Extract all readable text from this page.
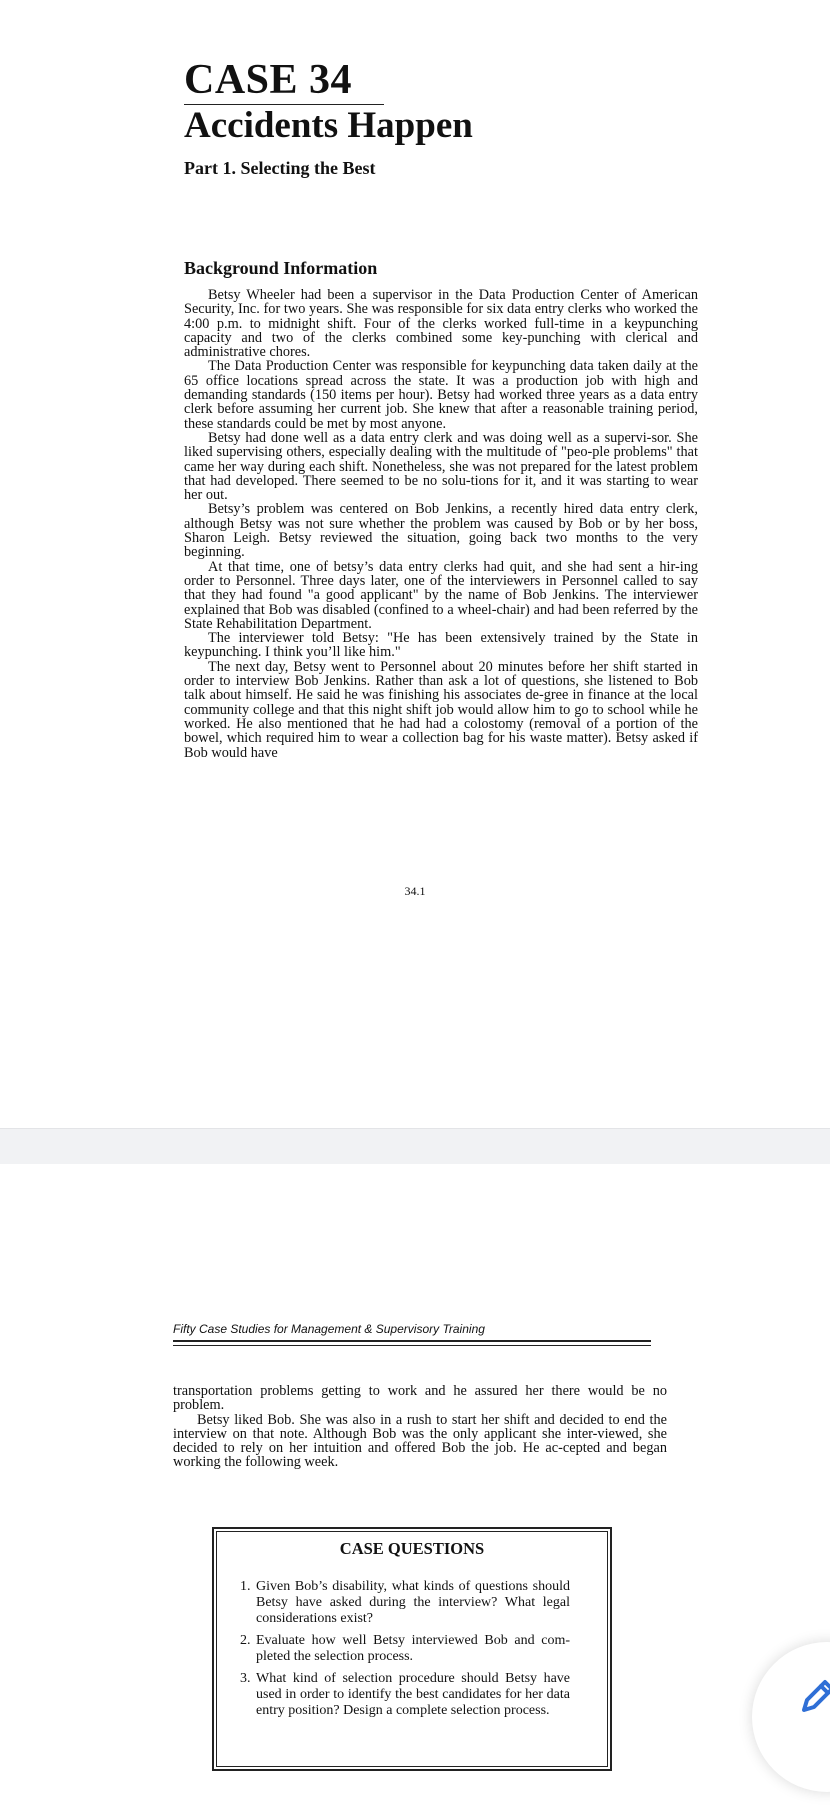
CASE 34
Accidents Happen
Part 1. Selecting the Best
Background Information

Betsy Wheeler had been a supervisor in the Data Production Center of American Security, Inc. for two years. She was responsible for six data entry clerks who worked the 4:00 p.m. to midnight shift. Four of the clerks worked full-time in a keypunching capacity and two of the clerks combined some key-punching with clerical and administrative chores.

The Data Production Center was responsible for keypunching data taken daily at the 65 office locations spread across the state. It was a production job with high and demanding standards (150 items per hour). Betsy had worked three years as a data entry clerk before assuming her current job. She knew that after a reasonable training period, these standards could be met by most anyone.

Betsy had done well as a data entry clerk and was doing well as a supervi-sor. She liked supervising others, especially dealing with the multitude of "peo-ple problems" that came her way during each shift. Nonetheless, she was not prepared for the latest problem that had developed. There seemed to be no solu-tions for it, and it was starting to wear her out.

Betsy’s problem was centered on Bob Jenkins, a recently hired data entry clerk, although Betsy was not sure whether the problem was caused by Bob or by her boss, Sharon Leigh. Betsy reviewed the situation, going back two months to the very beginning.

At that time, one of betsy’s data entry clerks had quit, and she had sent a hir-ing order to Personnel. Three days later, one of the interviewers in Personnel called to say that they had found "a good applicant" by the name of Bob Jenkins. The interviewer explained that Bob was disabled (confined to a wheel-chair) and had been referred by the State Rehabilitation Department.

The interviewer told Betsy: "He has been extensively trained by the State in keypunching. I think you’ll like him."

The next day, Betsy went to Personnel about 20 minutes before her shift started in order to interview Bob Jenkins. Rather than ask a lot of questions, she listened to Bob talk about himself. He said he was finishing his associates de-gree in finance at the local community college and that this night shift job would allow him to go to school while he worked. He also mentioned that he had had a colostomy (removal of a portion of the bowel, which required him to wear a collection bag for his waste matter). Betsy asked if Bob would have

34.1
Fifty Case Studies for Management & Supervisory Training

transportation problems getting to work and he assured her there would be no problem.

Betsy liked Bob. She was also in a rush to start her shift and decided to end the interview on that note. Although Bob was the only applicant she inter-viewed, she decided to rely on her intuition and offered Bob the job. He ac-cepted and began working the following week.

CASE QUESTIONS
1. Given Bob’s disability, what kinds of questions should Betsy have asked during the interview? What legal considerations exist?
2. Evaluate how well Betsy interviewed Bob and com-pleted the selection process.
3. What kind of selection procedure should Betsy have used in order to identify the best candidates for her data entry position? Design a complete selection process.
